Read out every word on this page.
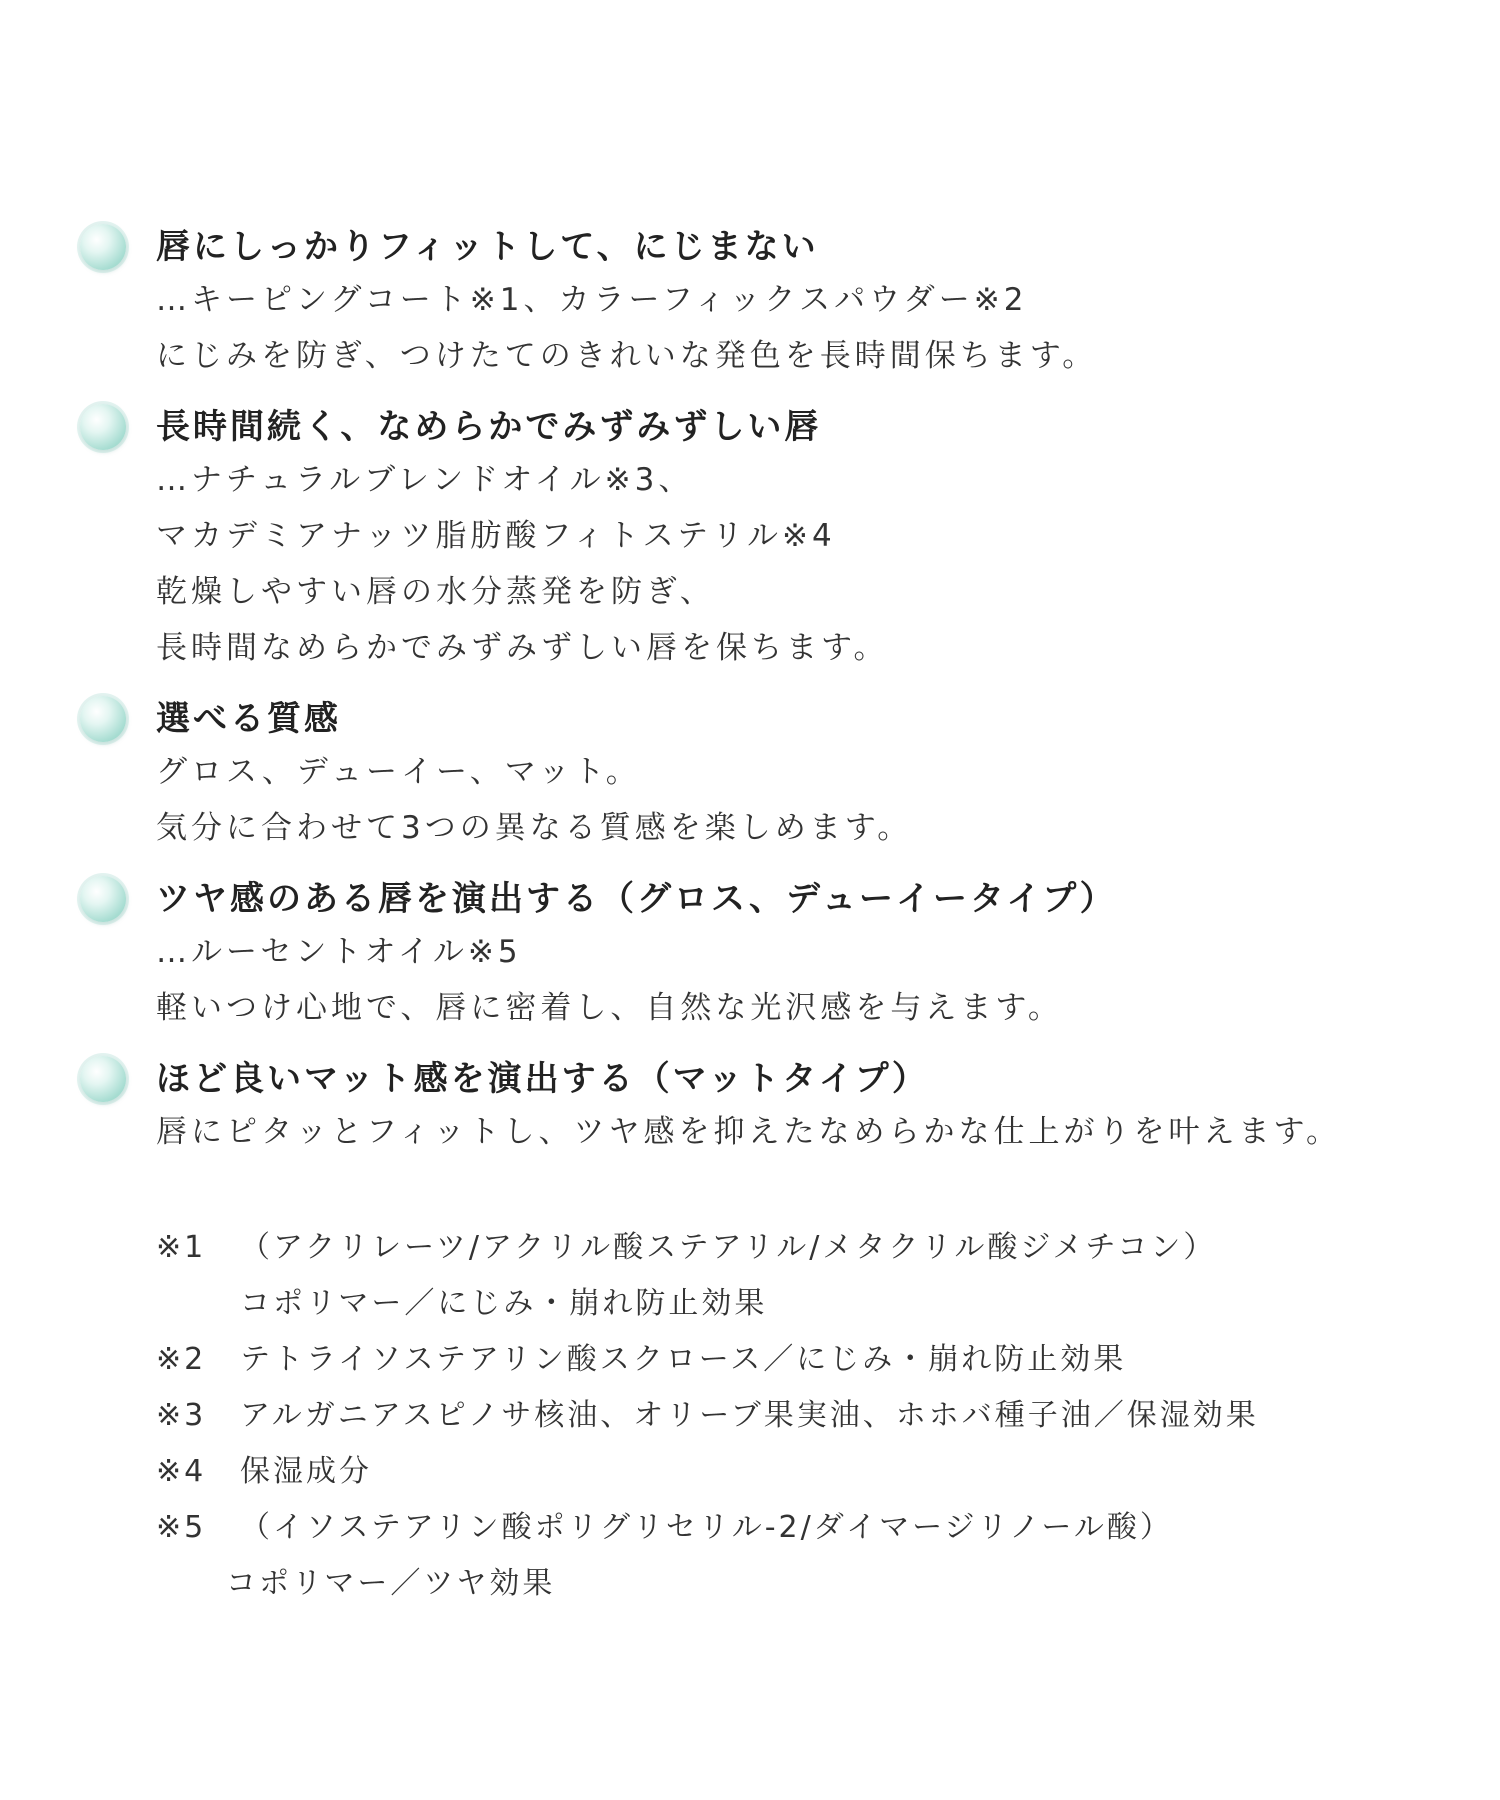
唇にしっかりフィットして、にじまない
…キーピングコート※1、カラーフィックスパウダー※2
にじみを防ぎ、つけたてのきれいな発色を長時間保ちます。
長時間続く、なめらかでみずみずしい唇
…ナチュラルブレンドオイル※3、
マカデミアナッツ脂肪酸フィトステリル※4
乾燥しやすい唇の水分蒸発を防ぎ、
長時間なめらかでみずみずしい唇を保ちます。
選べる質感
グロス、デューイー、マット。
気分に合わせて3つの異なる質感を楽しめます。
ツヤ感のある唇を演出する（グロス、デューイータイプ）
…ルーセントオイル※5
軽いつけ心地で、唇に密着し、自然な光沢感を与えます。
ほど良いマット感を演出する（マットタイプ）
唇にピタッとフィットし、ツヤ感を抑えたなめらかな仕上がりを叶えます。
※1	（アクリレーツ/アクリル酸ステアリル/メタクリル酸ジメチコン）
コポリマー／にじみ・崩れ防止効果
※2	テトライソステアリン酸スクロース／にじみ・崩れ防止効果
※3	アルガニアスピノサ核油、オリーブ果実油、ホホバ種子油／保湿効果
※4	保湿成分
※5	（イソステアリン酸ポリグリセリル-2/ダイマージリノール酸）
コポリマー／ツヤ効果
